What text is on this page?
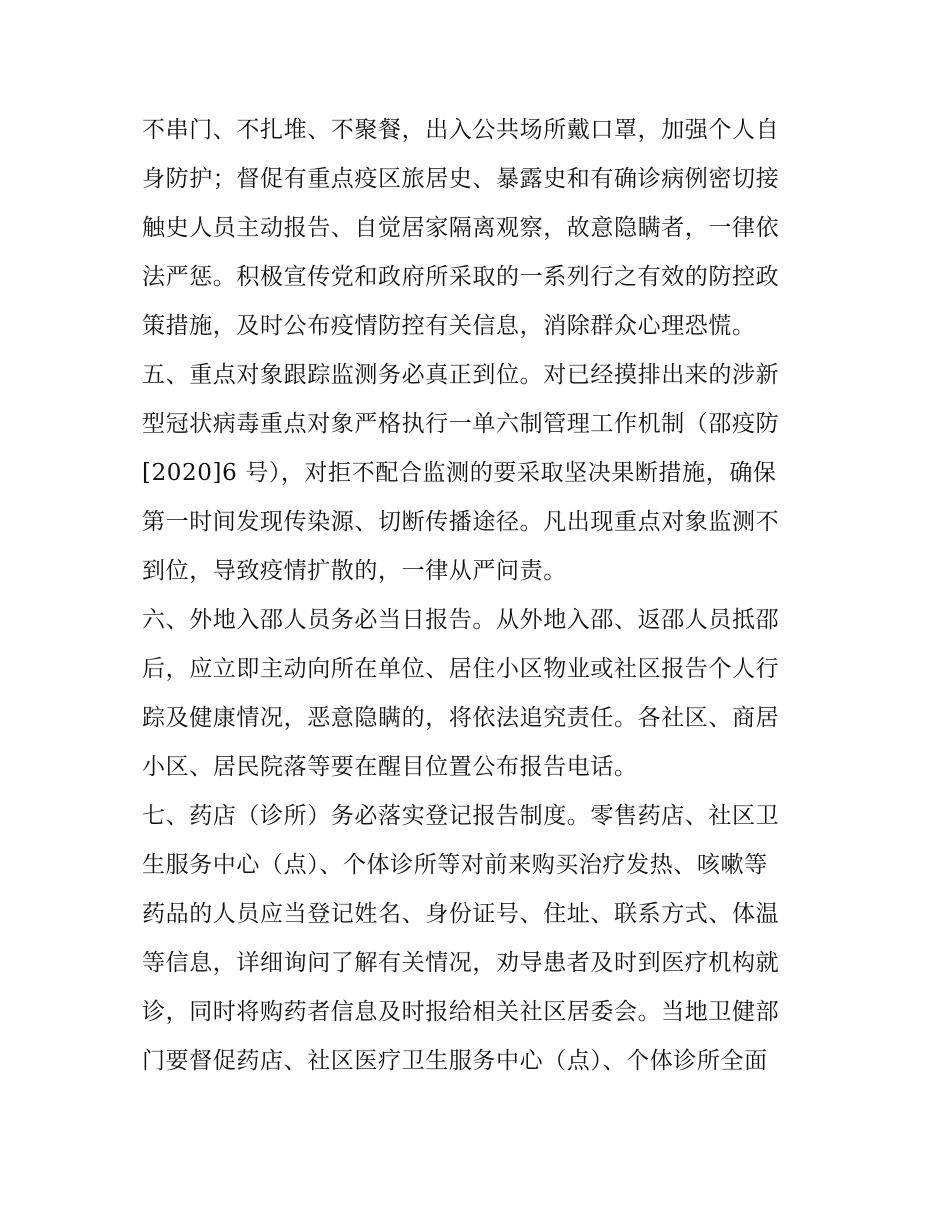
不串门、不扎堆、不聚餐，出入公共场所戴口罩，加强个人自
身防护；督促有重点疫区旅居史、暴露史和有确诊病例密切接
触史人员主动报告、自觉居家隔离观察，故意隐瞒者，一律依
法严惩。积极宣传党和政府所采取的一系列行之有效的防控政
策措施，及时公布疫情防控有关信息，消除群众心理恐慌。
五、重点对象跟踪监测务必真正到位。对已经摸排出来的涉新
型冠状病毒重点对象严格执行一单六制管理工作机制（邵疫防
[2020]6 号），对拒不配合监测的要采取坚决果断措施，确保
第一时间发现传染源、切断传播途径。凡出现重点对象监测不
到位，导致疫情扩散的，一律从严问责。
六、外地入邵人员务必当日报告。从外地入邵、返邵人员抵邵
后，应立即主动向所在单位、居住小区物业或社区报告个人行
踪及健康情况，恶意隐瞒的，将依法追究责任。各社区、商居
小区、居民院落等要在醒目位置公布报告电话。
七、药店（诊所）务必落实登记报告制度。零售药店、社区卫
生服务中心（点）、个体诊所等对前来购买治疗发热、咳嗽等
药品的人员应当登记姓名、身份证号、住址、联系方式、体温
等信息，详细询问了解有关情况，劝导患者及时到医疗机构就
诊，同时将购药者信息及时报给相关社区居委会。当地卫健部
门要督促药店、社区医疗卫生服务中心（点）、个体诊所全面
